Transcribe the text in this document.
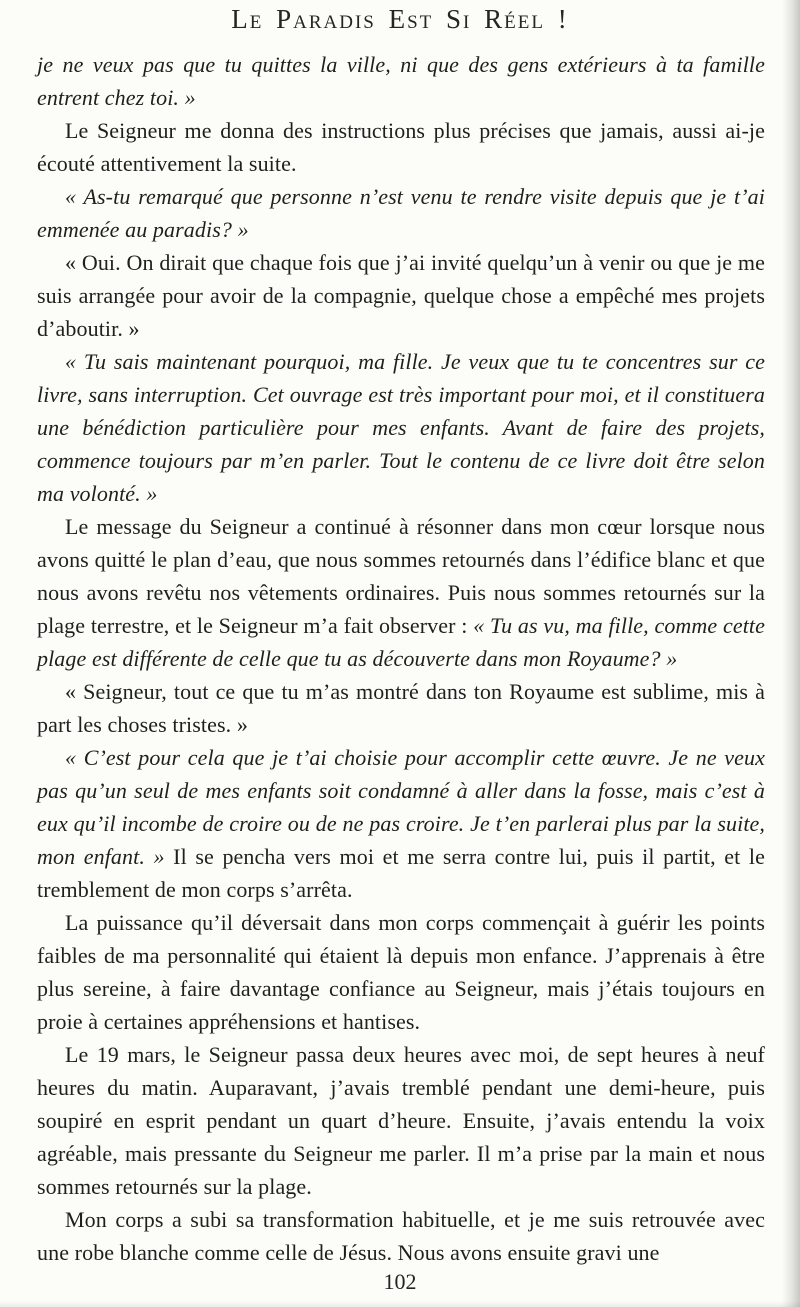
Le Paradis Est Si Réel !

je ne veux pas que tu quittes la ville, ni que des gens extérieurs à ta famille entrent chez toi. »

Le Seigneur me donna des instructions plus précises que jamais, aussi ai-je écouté attentivement la suite.

« As-tu remarqué que personne n’est venu te rendre visite depuis que je t’ai emmenée au paradis? »

« Oui. On dirait que chaque fois que j’ai invité quelqu’un à venir ou que je me suis arrangée pour avoir de la compagnie, quelque chose a empêché mes projets d’aboutir. »

« Tu sais maintenant pourquoi, ma fille. Je veux que tu te concentres sur ce livre, sans interruption. Cet ouvrage est très important pour moi, et il constituera une bénédiction particulière pour mes enfants. Avant de faire des projets, commence toujours par m’en parler. Tout le contenu de ce livre doit être selon ma volonté. »

Le message du Seigneur a continué à résonner dans mon cœur lorsque nous avons quitté le plan d’eau, que nous sommes retournés dans l’édifice blanc et que nous avons revêtu nos vêtements ordinaires. Puis nous sommes retournés sur la plage terrestre, et le Seigneur m’a fait observer : « Tu as vu, ma fille, comme cette plage est différente de celle que tu as découverte dans mon Royaume? »

« Seigneur, tout ce que tu m’as montré dans ton Royaume est sublime, mis à part les choses tristes. »

« C’est pour cela que je t’ai choisie pour accomplir cette œuvre. Je ne veux pas qu’un seul de mes enfants soit condamné à aller dans la fosse, mais c’est à eux qu’il incombe de croire ou de ne pas croire. Je t’en parlerai plus par la suite, mon enfant. » Il se pencha vers moi et me serra contre lui, puis il partit, et le tremblement de mon corps s’arrêta.

La puissance qu’il déversait dans mon corps commençait à guérir les points faibles de ma personnalité qui étaient là depuis mon enfance. J’apprenais à être plus sereine, à faire davantage confiance au Seigneur, mais j’étais toujours en proie à certaines appréhensions et hantises.

Le 19 mars, le Seigneur passa deux heures avec moi, de sept heures à neuf heures du matin. Auparavant, j’avais tremblé pendant une demi-heure, puis soupiré en esprit pendant un quart d’heure. Ensuite, j’avais entendu la voix agréable, mais pressante du Seigneur me parler. Il m’a prise par la main et nous sommes retournés sur la plage.

Mon corps a subi sa transformation habituelle, et je me suis retrouvée avec une robe blanche comme celle de Jésus. Nous avons ensuite gravi une

102
